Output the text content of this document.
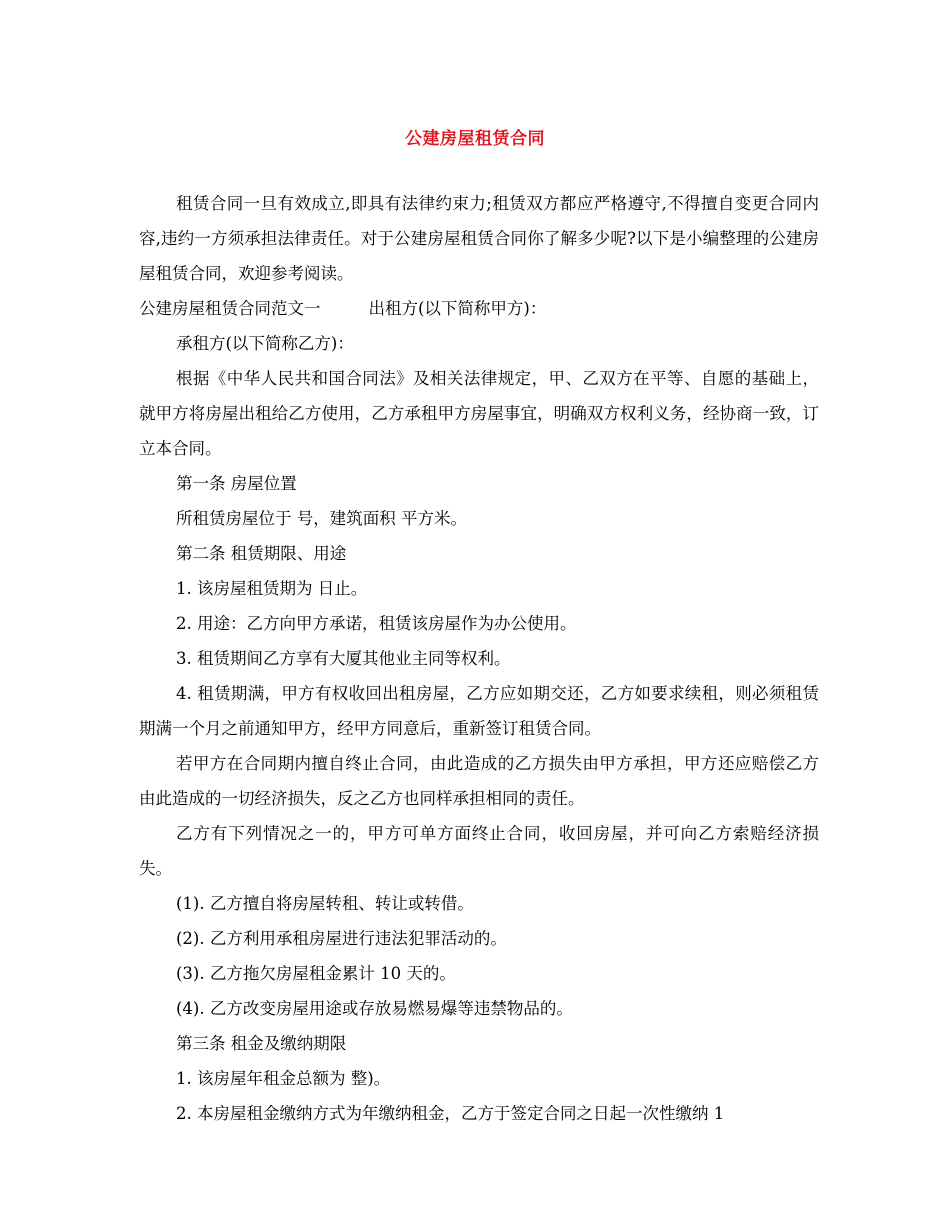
公建房屋租赁合同

租赁合同一旦有效成立,即具有法律约束力;租赁双方都应严格遵守,不得擅自变更合同内容,违约一方须承担法律责任。对于公建房屋租赁合同你了解多少呢?以下是小编整理的公建房屋租赁合同，欢迎参考阅读。

公建房屋租赁合同范文一	出租方(以下简称甲方)：

承租方(以下简称乙方)：

根据《中华人民共和国合同法》及相关法律规定，甲、乙双方在平等、自愿的基础上，就甲方将房屋出租给乙方使用，乙方承租甲方房屋事宜，明确双方权利义务，经协商一致，订立本合同。

第一条 房屋位置

所租赁房屋位于 号，建筑面积 平方米。

第二条 租赁期限、用途

1. 该房屋租赁期为 日止。

2. 用途：乙方向甲方承诺，租赁该房屋作为办公使用。

3. 租赁期间乙方享有大厦其他业主同等权利。

4. 租赁期满，甲方有权收回出租房屋，乙方应如期交还，乙方如要求续租，则必须租赁期满一个月之前通知甲方，经甲方同意后，重新签订租赁合同。

若甲方在合同期内擅自终止合同，由此造成的乙方损失由甲方承担，甲方还应赔偿乙方由此造成的一切经济损失，反之乙方也同样承担相同的责任。

乙方有下列情况之一的，甲方可单方面终止合同，收回房屋，并可向乙方索赔经济损失。

(1). 乙方擅自将房屋转租、转让或转借。

(2). 乙方利用承租房屋进行违法犯罪活动的。

(3). 乙方拖欠房屋租金累计 10 天的。

(4). 乙方改变房屋用途或存放易燃易爆等违禁物品的。

第三条 租金及缴纳期限

1. 该房屋年租金总额为 整)。

2. 本房屋租金缴纳方式为年缴纳租金，乙方于签定合同之日起一次性缴纳 1
